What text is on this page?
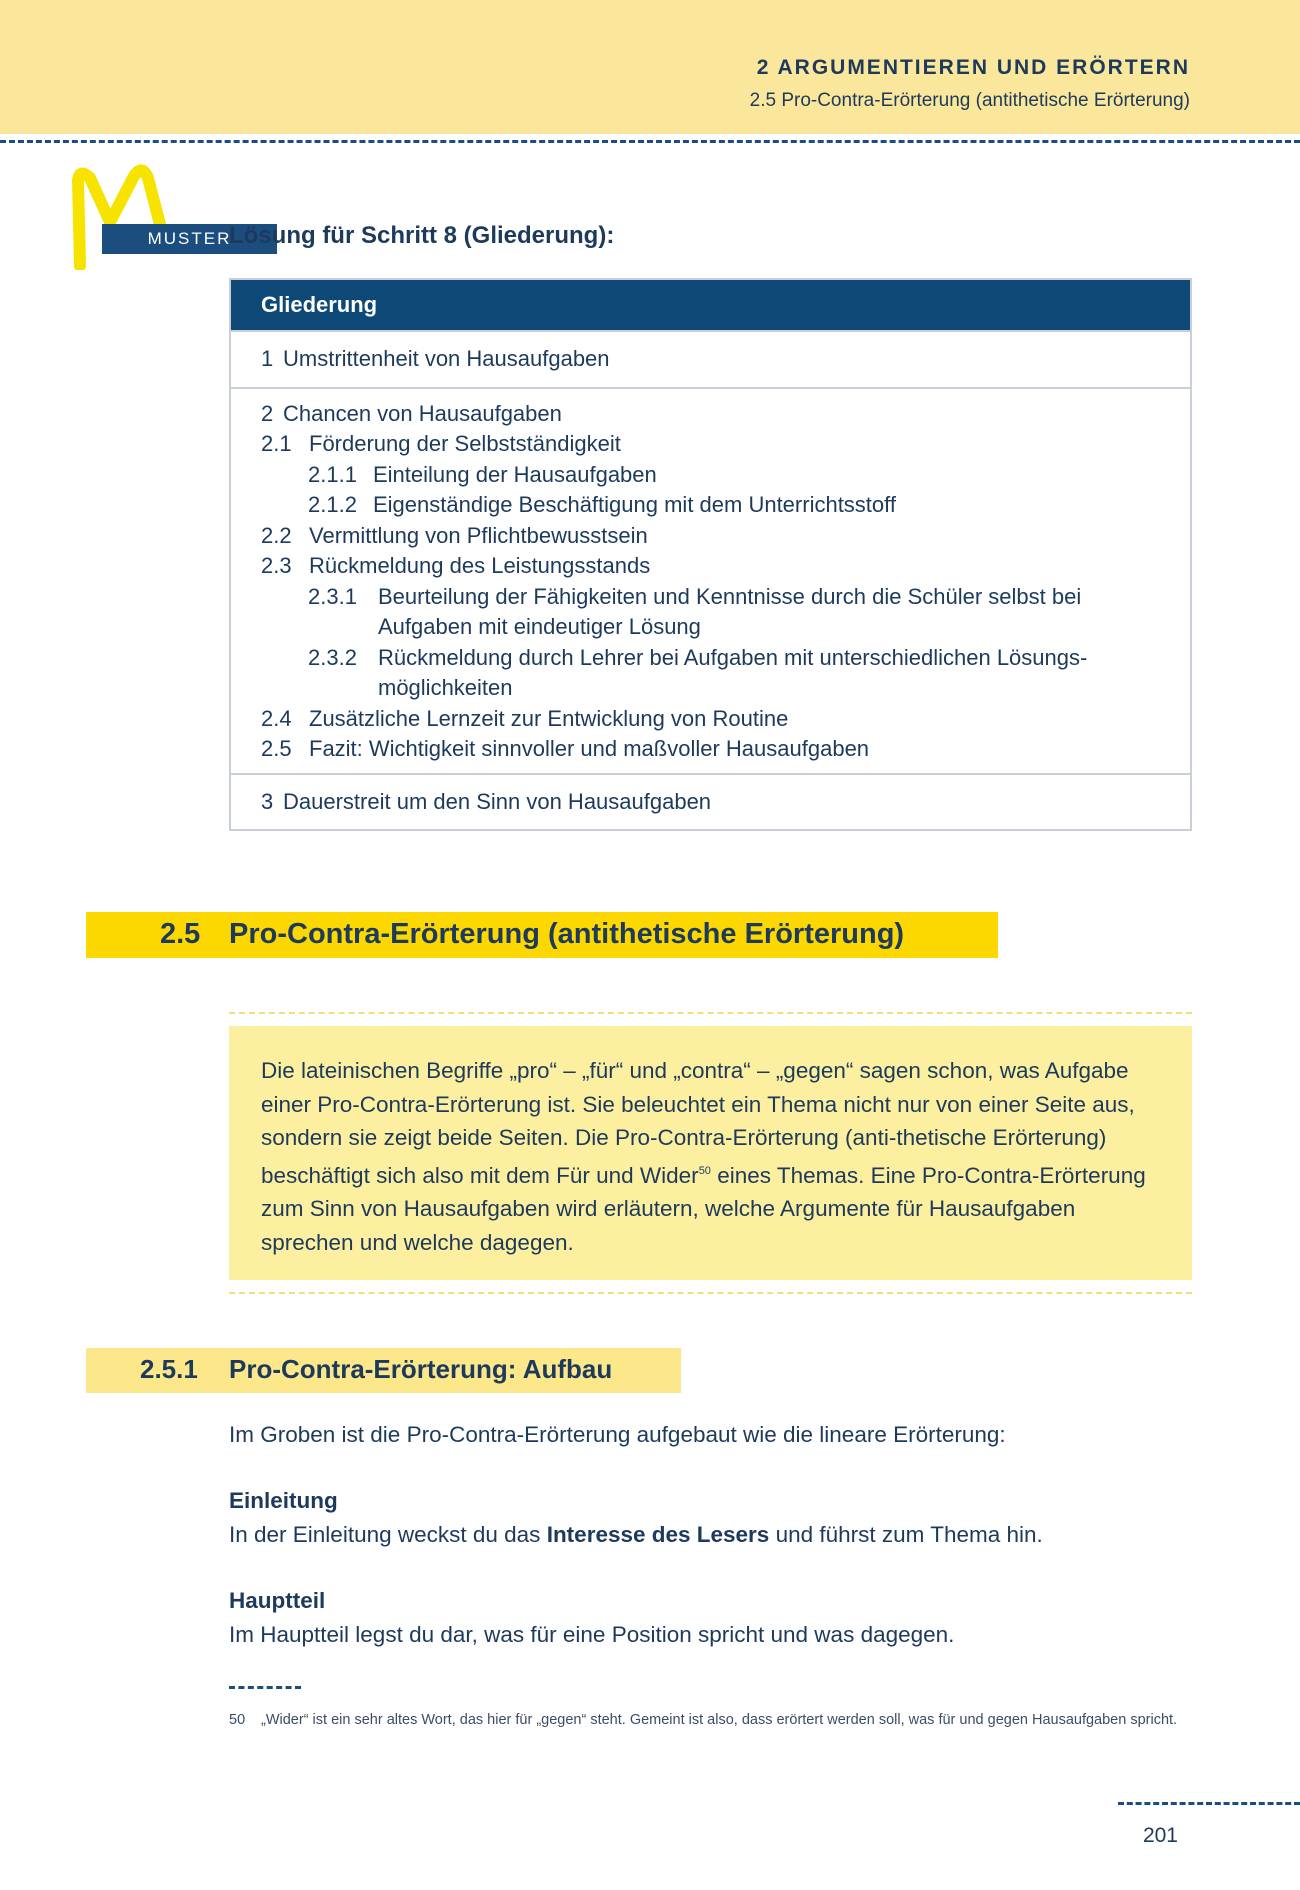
2 ARGUMENTIEREN UND ERÖRTERN
2.5 Pro-Contra-Erörterung (antithetische Erörterung)
MUSTER
Lösung für Schritt 8 (Gliederung):
Gliederung
1 Umstrittenheit von Hausaufgaben
2 Chancen von Hausaufgaben
2.1 Förderung der Selbstständigkeit
2.1.1 Einteilung der Hausaufgaben
2.1.2 Eigenständige Beschäftigung mit dem Unterrichtsstoff
2.2 Vermittlung von Pflichtbewusstsein
2.3 Rückmeldung des Leistungsstands
2.3.1 Beurteilung der Fähigkeiten und Kenntnisse durch die Schüler selbst bei Aufgaben mit eindeutiger Lösung
2.3.2 Rückmeldung durch Lehrer bei Aufgaben mit unterschiedlichen Lösungs-möglichkeiten
2.4 Zusätzliche Lernzeit zur Entwicklung von Routine
2.5 Fazit: Wichtigkeit sinnvoller und maßvoller Hausaufgaben
3 Dauerstreit um den Sinn von Hausaufgaben
2.5 Pro-Contra-Erörterung (antithetische Erörterung)
Die lateinischen Begriffe „pro“ – „für“ und „contra“ – „gegen“ sagen schon, was Aufgabe einer Pro-Contra-Erörterung ist. Sie beleuchtet ein Thema nicht nur von einer Seite aus, sondern sie zeigt beide Seiten. Die Pro-Contra-Erörterung (anti-thetische Erörterung) beschäftigt sich also mit dem Für und Wider$^{50}$ eines Themas. Eine Pro-Contra-Erörterung zum Sinn von Hausaufgaben wird erläutern, welche Argumente für Hausaufgaben sprechen und welche dagegen.
2.5.1 Pro-Contra-Erörterung: Aufbau
Im Groben ist die Pro-Contra-Erörterung aufgebaut wie die lineare Erörterung:
Einleitung
In der Einleitung weckst du das Interesse des Lesers und führst zum Thema hin.
Hauptteil
Im Hauptteil legst du dar, was für eine Position spricht und was dagegen.
50	„Wider“ ist ein sehr altes Wort, das hier für „gegen“ steht. Gemeint ist also, dass erörtert werden soll, was für und gegen Hausaufgaben spricht.
201
